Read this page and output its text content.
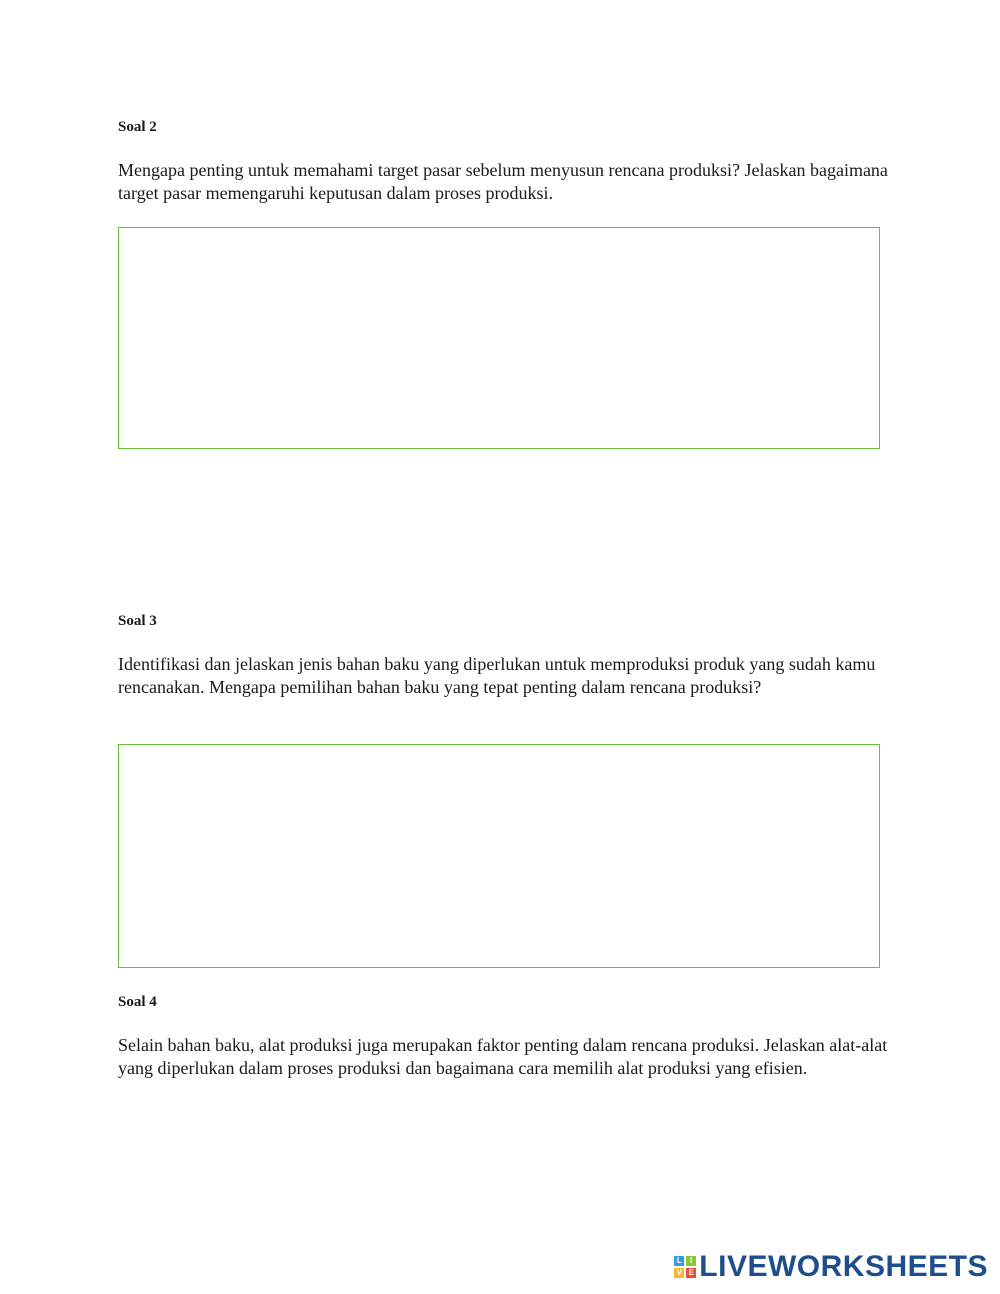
Soal 2

Mengapa penting untuk memahami target pasar sebelum menyusun rencana produksi? Jelaskan bagaimana target pasar memengaruhi keputusan dalam proses produksi.

Soal 3

Identifikasi dan jelaskan jenis bahan baku yang diperlukan untuk memproduksi produk yang sudah kamu rencanakan. Mengapa pemilihan bahan baku yang tepat penting dalam rencana produksi?

Soal 4

Selain bahan baku, alat produksi juga merupakan faktor penting dalam rencana produksi. Jelaskan alat-alat yang diperlukan dalam proses produksi dan bagaimana cara memilih alat produksi yang efisien.

L	I
V E LIVEWORKSHEETS
